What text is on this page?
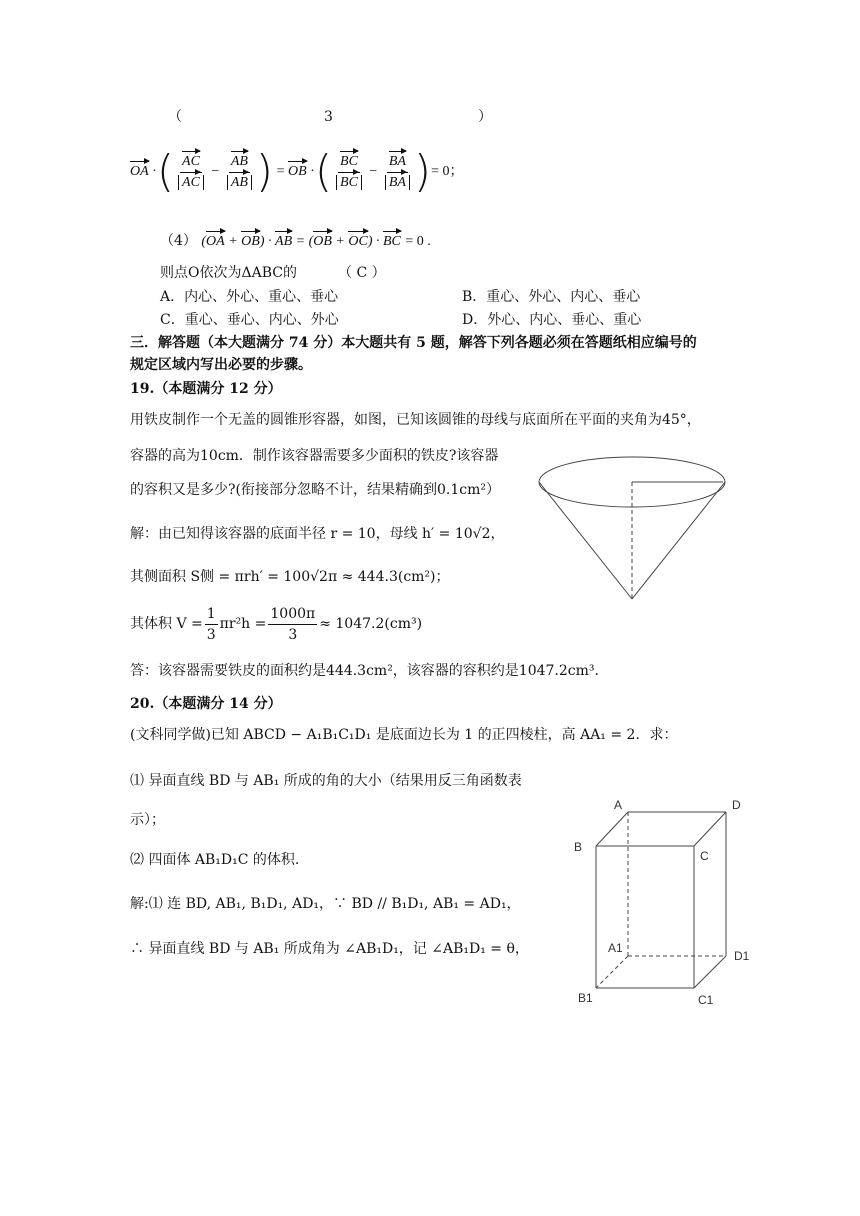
（	3	）
OA
· ( $\frac{AC}{AC} - \frac{AB}{AB}$ ) = OB
· ( $\frac{BC}{BC} - \frac{BA}{BA}$ ) = 0；
（4） (OA + OB) · AB = (OB + OC) · BC = 0 .
则点O依次为ΔABC的	（ C ）
A．内心、外心、重心、垂心	B．重心、外心、内心、垂心
C．重心、垂心、内心、外心	D．外心、内心、垂心、重心
三．解答题（本大题满分 74 分）本大题共有 5 题，解答下列各题必须在答题纸相应编号的
规定区域内写出必要的步骤。
19.（本题满分 12 分）
用铁皮制作一个无盖的圆锥形容器，如图，已知该圆锥的母线与底面所在平面的夹角为45°，
容器的高为10cm．制作该容器需要多少面积的铁皮?该容器
的容积又是多少?(衔接部分忽略不计，结果精确到0.1cm²）
解：由已知得该容器的底面半径 r = 10，母线 h′ = 10√2，
其侧面积 S侧 = πrh′ = 100√2π ≈ 444.3(cm²)；
其体积 $V = \frac{1}{3} \pi r^2h = \frac{1000\pi}{3} \approx 1047.2(cm^3)$
答：该容器需要铁皮的面积约是444.3cm²，该容器的容积约是1047.2cm³．
20.（本题满分 14 分）
(文科同学做)已知 ABCD − A₁B₁C₁D₁ 是底面边长为 1 的正四棱柱，高 AA₁ = 2．求：
⑴ 异面直线 BD 与 AB₁ 所成的角的大小（结果用反三角函数表
示）；
⑵ 四面体 AB₁D₁C 的体积.
解:⑴ 连 BD, AB₁, B₁D₁, AD₁，∵ BD // B₁D₁, AB₁ = AD₁，
∴ 异面直线 BD 与 AB₁ 所成角为 ∠AB₁D₁，记 ∠AB₁D₁ = θ，
A	D
B
C
A1
D1
B1	C1
